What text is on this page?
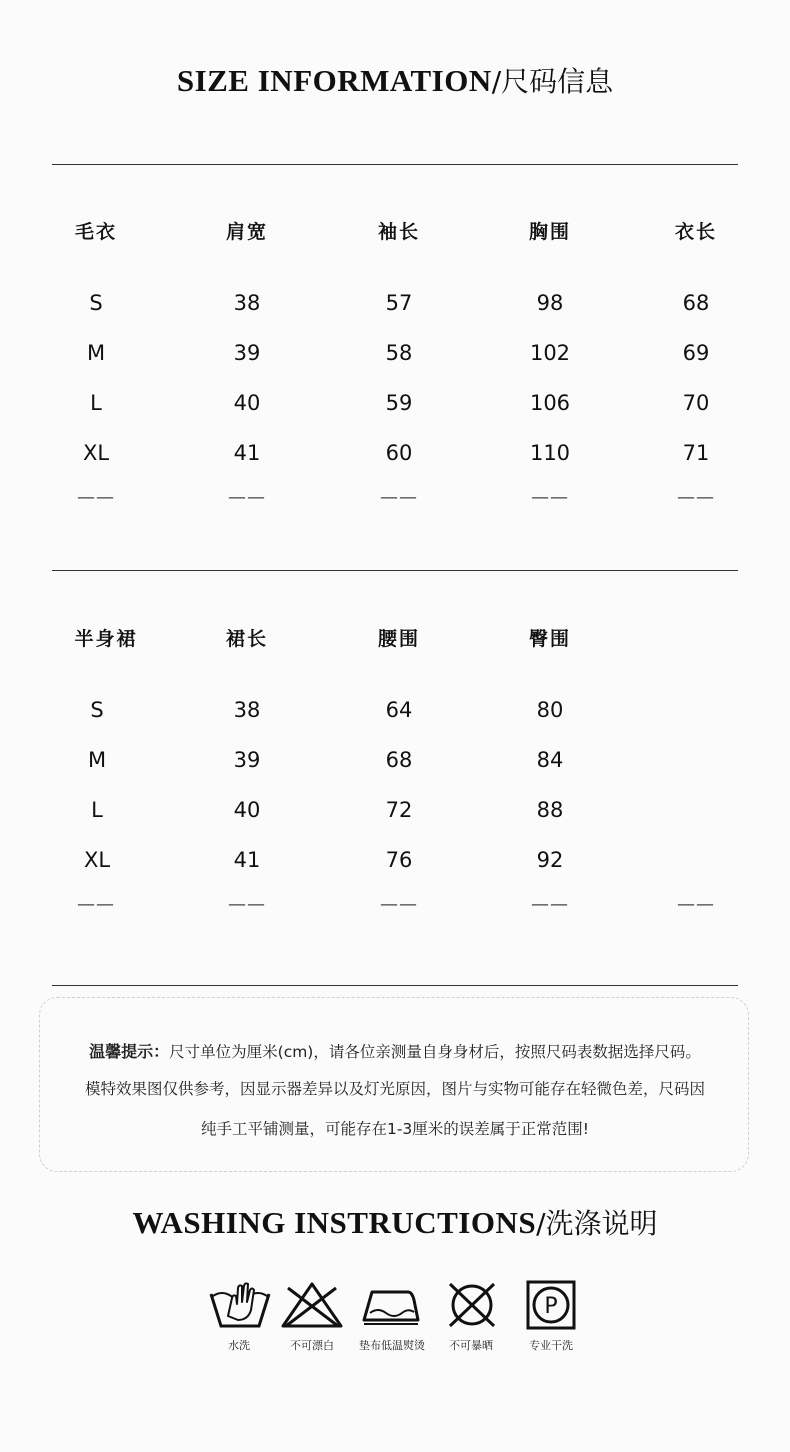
SIZE INFORMATION/尺码信息
毛衣	肩宽	袖长	胸围	衣长
S	38	57	98	68
M	39	58	102	69
L	40	59	106	70
XL	41	60	110	71
——	——	——	——	——
半身裙	裙长	腰围	臀围
S	38	64	80
M	39	68	84
L	40	72	88
XL	41	76	92
——	——	——	——	——

温馨提示：尺寸单位为厘米(cm)，请各位亲测量自身身材后，按照尺码表数据选择尺码。

模特效果图仅供参考，因显示器差异以及灯光原因，图片与实物可能存在轻微色差，尺码因

纯手工平铺测量，可能存在1-3厘米的误差属于正常范围!

WASHING INSTRUCTIONS/洗涤说明
P
水洗	不可漂白	垫布低温熨烫	不可暴晒	专业干洗
